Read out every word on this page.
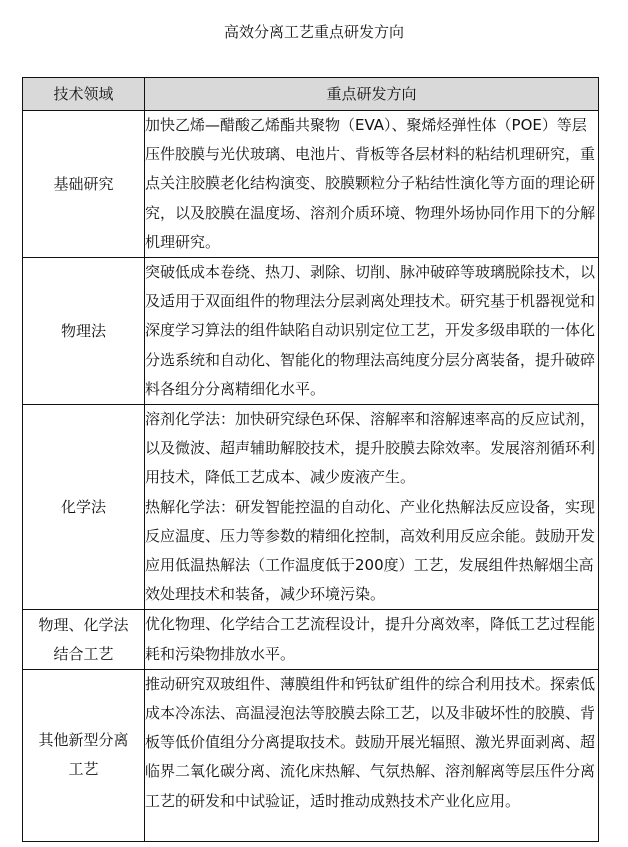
高效分离工艺重点研发方向
技术领域	重点研发方向
基础研究	加快乙烯—醋酸乙烯酯共聚物（EVA）、聚烯烃弹性体（POE）等层压件胶膜与光伏玻璃、电池片、背板等各层材料的粘结机理研究，重点关注胶膜老化结构演变、胶膜颗粒分子粘结性演化等方面的理论研究，以及胶膜在温度场、溶剂介质环境、物理外场协同作用下的分解机理研究。

物理法	突破低成本卷绕、热刀、剥除、切削、脉冲破碎等玻璃脱除技术，以及适用于双面组件的物理法分层剥离处理技术。研究基于机器视觉和深度学习算法的组件缺陷自动识别定位工艺，开发多级串联的一体化分选系统和自动化、智能化的物理法高纯度分层分离装备，提升破碎料各组分分离精细化水平。

化学法	溶剂化学法：加快研究绿色环保、溶解率和溶解速率高的反应试剂，以及微波、超声辅助解胶技术，提升胶膜去除效率。发展溶剂循环利用技术，降低工艺成本、减少废液产生。

热解化学法：研发智能控温的自动化、产业化热解法反应设备，实现反应温度、压力等参数的精细化控制，高效利用反应余能。鼓励开发应用低温热解法（工作温度低于200度）工艺，发展组件热解烟尘高效处理技术和装备，减少环境污染。

物理、化学法
结合工艺	优化物理、化学结合工艺流程设计，提升分离效率，降低工艺过程能耗和污染物排放水平。

其他新型分离
工艺	推动研究双玻组件、薄膜组件和钙钛矿组件的综合利用技术。探索低成本冷冻法、高温浸泡法等胶膜去除工艺，以及非破坏性的胶膜、背板等低价值组分分离提取技术。鼓励开展光辐照、激光界面剥离、超临界二氧化碳分离、流化床热解、气氛热解、溶剂解离等层压件分离工艺的研发和中试验证，适时推动成熟技术产业化应用。
